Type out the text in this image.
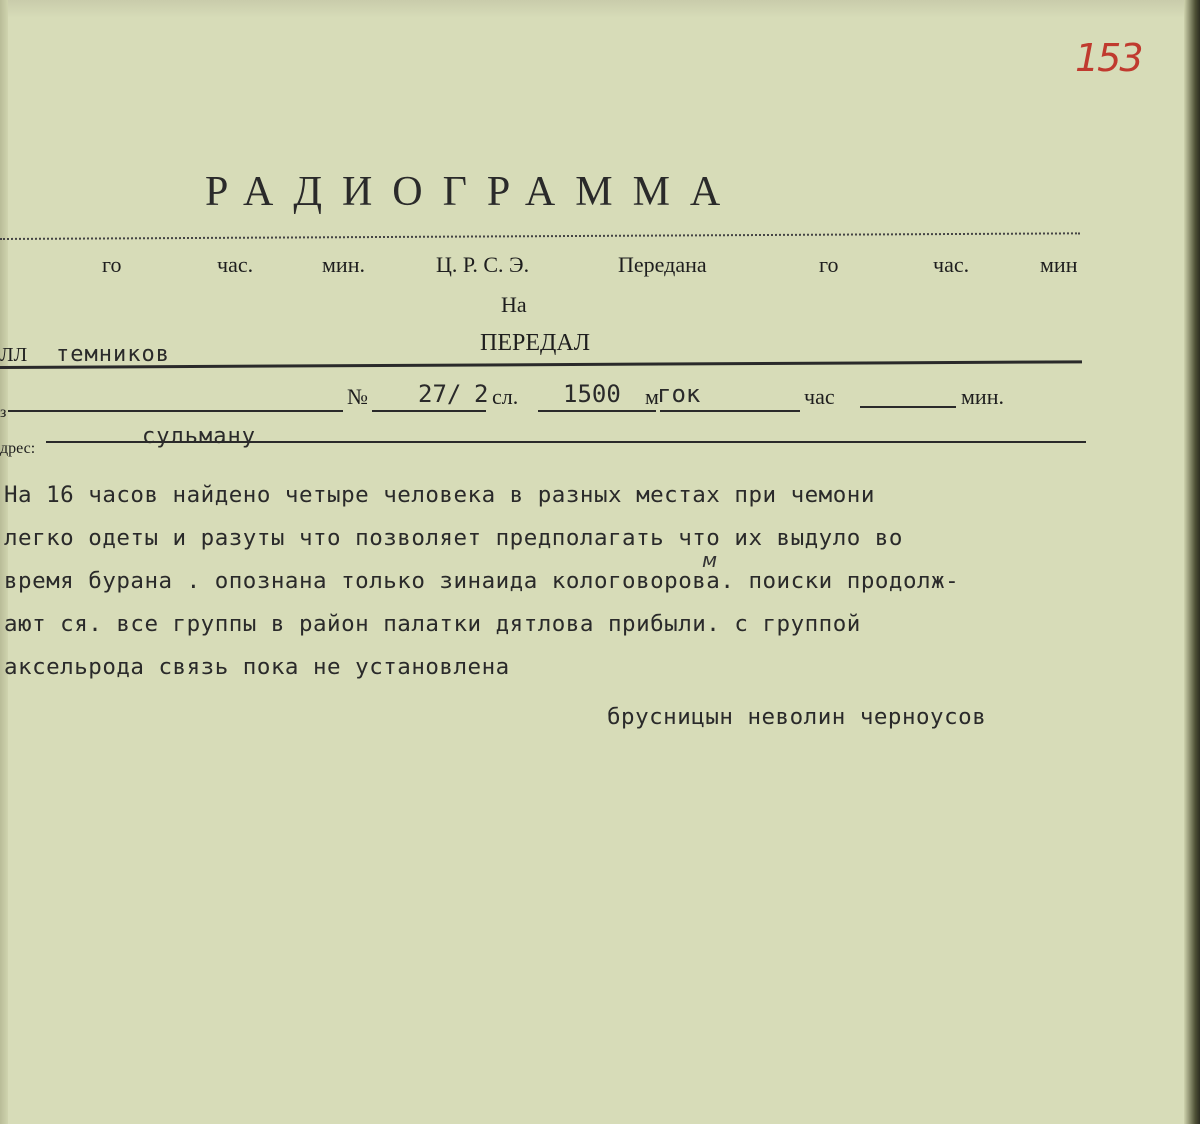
153
РАДИОГРАММА
го	час.	мин.	Ц. Р. С. Э.	Передана	го	час.	мин
На
ПЕРЕДАЛ
ЛЛ темников
з
№ 27/ 2 сл. 1500 м
гок	час	мин.
дрес:	сульману
На 16 часов найдено четыре человека в разных местах при чемони
легко одеты и разуты что позволяет предполагать что их выдуло во
время бурана . опознана только зинаида кологоворова. поиски продолж-
ают ся. все группы в район палатки дятлова прибыли. с группой
аксельрода связь пока не установлена
м
брусницын неволин черноусов
